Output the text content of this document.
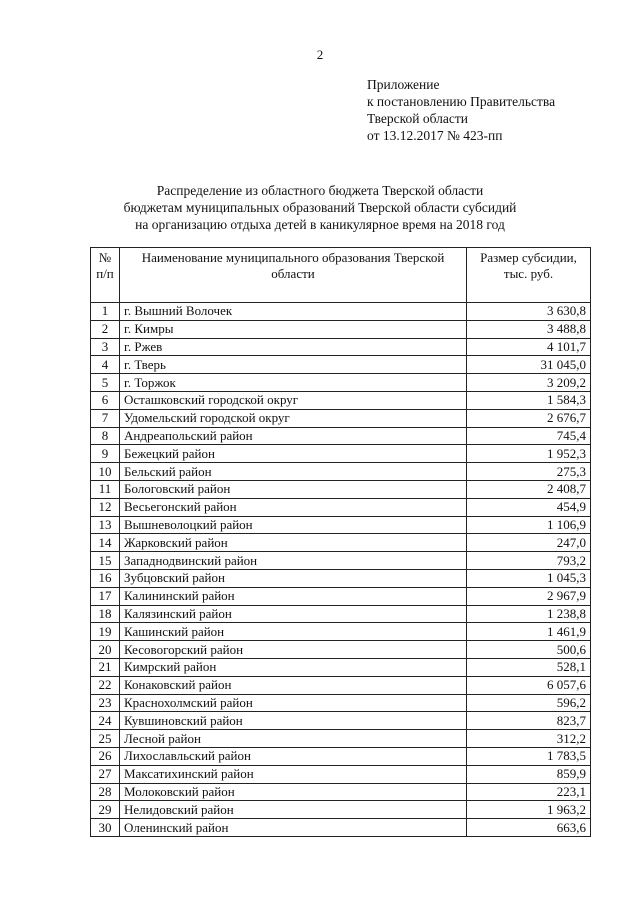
2
Приложение
к постановлению Правительства
Тверской области
от 13.12.2017 № 423-пп
Распределение из областного бюджета Тверской области
бюджетам муниципальных образований Тверской области субсидий
на организацию отдыха детей в каникулярное время на 2018 год
№ п/п	Наименование муниципального образования Тверской области	Размер субсидии, тыс. руб.
1	г. Вышний Волочек	3 630,8
2	г. Кимры	3 488,8
3	г. Ржев	4 101,7
4	г. Тверь	31 045,0
5	г. Торжок	3 209,2
6	Осташковский городской округ	1 584,3
7	Удомельский городской округ	2 676,7
8	Андреапольский район	745,4
9	Бежецкий район	1 952,3
10	Бельский район	275,3
11	Бологовский район	2 408,7
12	Весьегонский район	454,9
13	Вышневолоцкий район	1 106,9
14	Жарковский район	247,0
15	Западнодвинский район	793,2
16	Зубцовский район	1 045,3
17	Калининский район	2 967,9
18	Калязинский район	1 238,8
19	Кашинский район	1 461,9
20	Кесовогорский район	500,6
21	Кимрский район	528,1
22	Конаковский район	6 057,6
23	Краснохолмский район	596,2
24	Кувшиновский район	823,7
25	Лесной район	312,2
26	Лихославльский район	1 783,5
27	Максатихинский район	859,9
28	Молоковский район	223,1
29	Нелидовский район	1 963,2
30	Оленинский район	663,6
